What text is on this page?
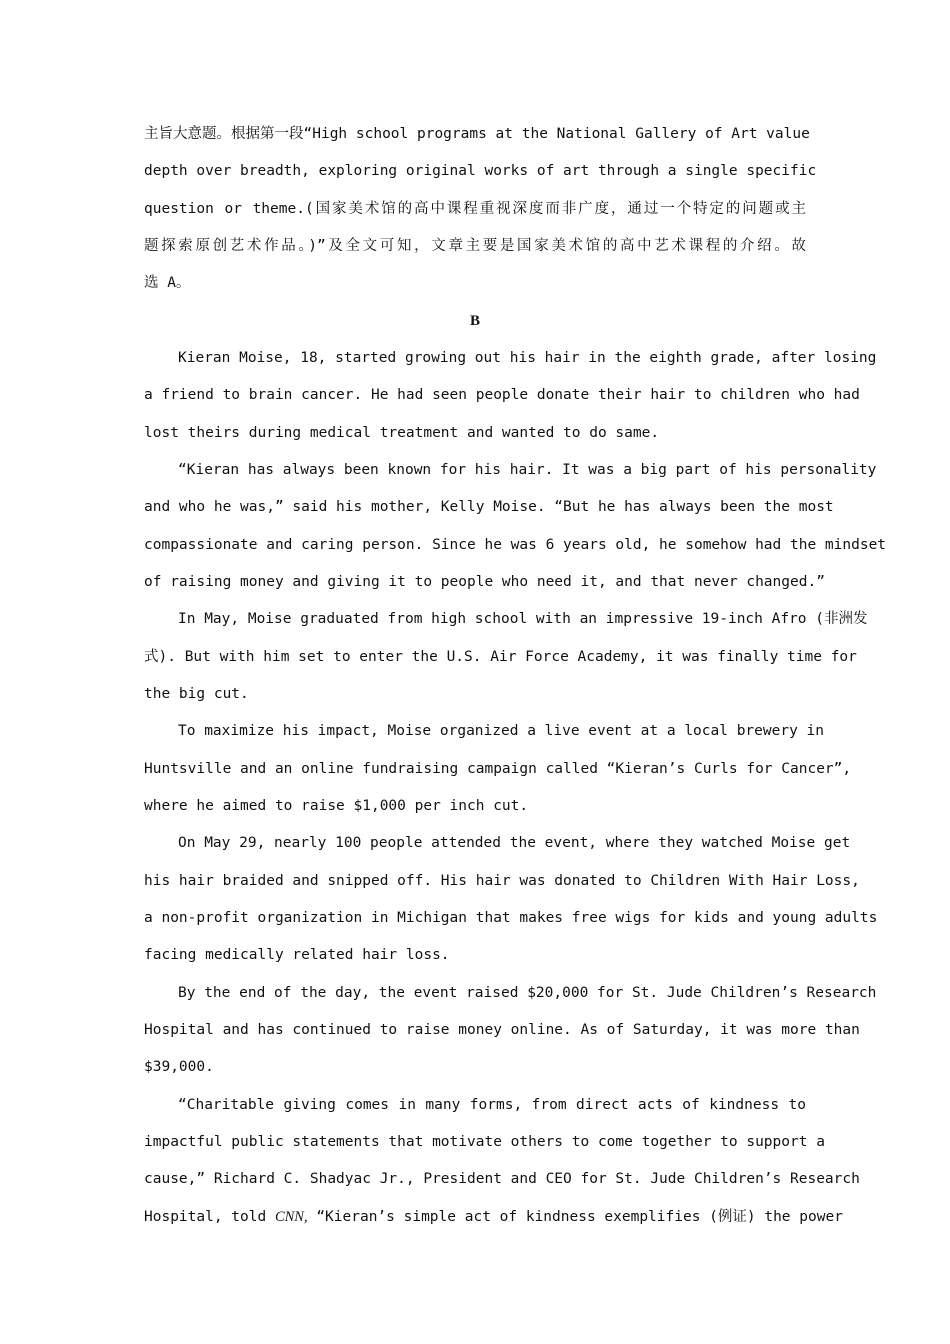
主旨大意题。根据第一段“High school programs at the National Gallery of Art value
depth over breadth, exploring original works of art through a single specific
question or theme.(国家美术馆的高中课程重视深度而非广度，通过一个特定的问题或主
题探索原创艺术作品。)”及全文可知，文章主要是国家美术馆的高中艺术课程的介绍。故
选 A。
B
Kieran Moise, 18, started growing out his hair in the eighth grade, after losing
a friend to brain cancer. He had seen people donate their hair to children who had
lost theirs during medical treatment and wanted to do same.
“Kieran has always been known for his hair. It was a big part of his personality
and who he was,” said his mother, Kelly Moise. “But he has always been the most
compassionate and caring person. Since he was 6 years old, he somehow had the mindset
of raising money and giving it to people who need it, and that never changed.”
In May, Moise graduated from high school with an impressive 19-inch Afro (非洲发
式). But with him set to enter the U.S. Air Force Academy, it was finally time for
the big cut.
To maximize his impact, Moise organized a live event at a local brewery in
Huntsville and an online fundraising campaign called “Kieran’s Curls for Cancer”,
where he aimed to raise $1,000 per inch cut.
On May 29, nearly 100 people attended the event, where they watched Moise get
his hair braided and snipped off. His hair was donated to Children With Hair Loss,
a non-profit organization in Michigan that makes free wigs for kids and young adults
facing medically related hair loss.
By the end of the day, the event raised $20,000 for St. Jude Children’s Research
Hospital and has continued to raise money online. As of Saturday, it was more than
$39,000.
“Charitable giving comes in many forms, from direct acts of kindness to
impactful public statements that motivate others to come together to support a
cause,” Richard C. Shadyac Jr., President and CEO for St. Jude Children’s Research
Hospital, told CNN, “Kieran’s simple act of kindness exemplifies (例证) the power
